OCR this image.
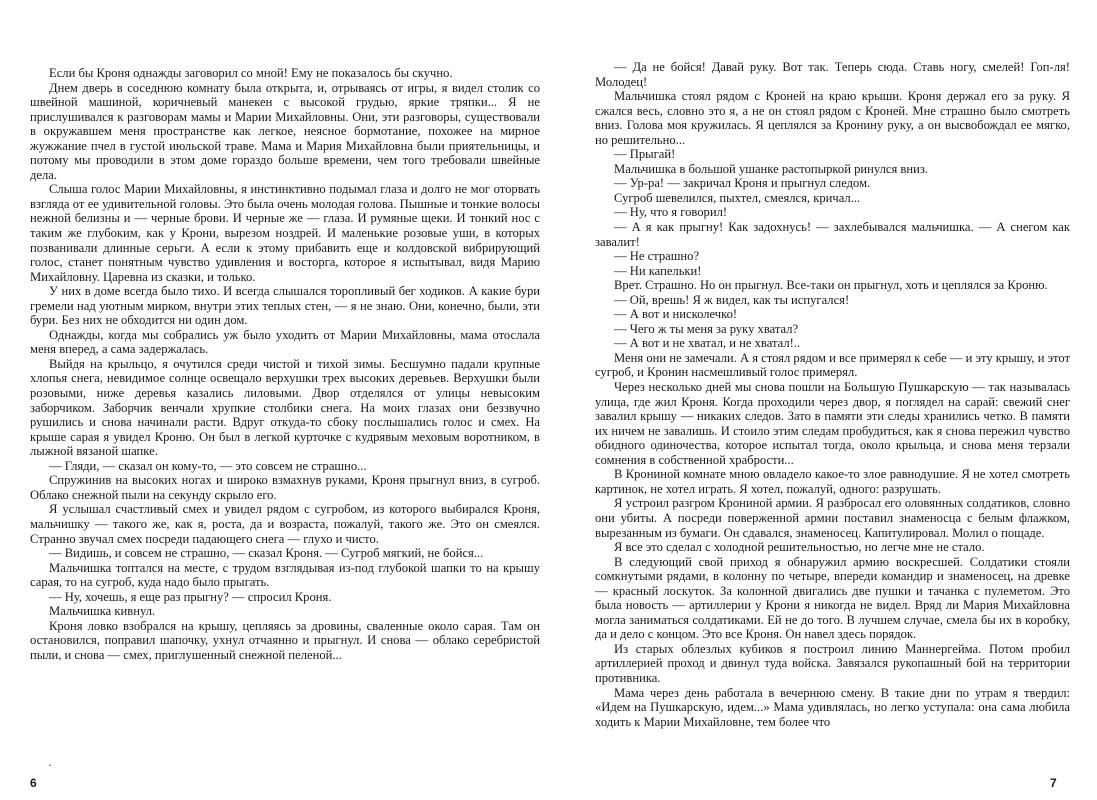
Если бы Кроня однажды заговорил со мной! Ему не показалось бы скучно.

Днем дверь в соседнюю комнату была открыта, и, отрываясь от игры, я видел столик со швейной машиной, коричневый манекен с высокой грудью, яркие тряпки... Я не прислушивался к разговорам мамы и Марии Михайловны. Они, эти разговоры, существовали в окружавшем меня пространстве как легкое, неясное бормотание, похожее на мирное жужжание пчел в густой июльской траве. Мама и Мария Михайловна были приятельницы, и потому мы проводили в этом доме гораздо больше времени, чем того требовали швейные дела.

Слыша голос Марии Михайловны, я инстинктивно подымал глаза и долго не мог оторвать взгляда от ее удивительной головы. Это была очень молодая голова. Пышные и тонкие волосы нежной белизны и — черные брови. И черные же — глаза. И румяные щеки. И тонкий нос с таким же глубоким, как у Крони, вырезом ноздрей. И маленькие розовые уши, в которых позванивали длинные серьги. А если к этому прибавить еще и колдовской вибрирующий голос, станет понятным чувство удивления и восторга, которое я испытывал, видя Марию Михайловну. Царевна из сказки, и только.

У них в доме всегда было тихо. И всегда слышался торопливый бег ходиков. А какие бури гремели над уютным мирком, внутри этих теплых стен, — я не знаю. Они, конечно, были, эти бури. Без них не обходится ни один дом.

Однажды, когда мы собрались уж было уходить от Марии Михайловны, мама отослала меня вперед, а сама задержалась.

Выйдя на крыльцо, я очутился среди чистой и тихой зимы. Бесшумно падали крупные хлопья снега, невидимое солнце освещало верхушки трех высоких деревьев. Верхушки были розовыми, ниже деревья казались лиловыми. Двор отделялся от улицы невысоким заборчиком. Заборчик венчали хрупкие столбики снега. На моих глазах они беззвучно рушились и снова начинали расти. Вдруг откуда-то сбоку послышались голос и смех. На крыше сарая я увидел Кроню. Он был в легкой курточке с кудрявым меховым воротником, в лыжной вязаной шапке.

— Гляди, — сказал он кому-то, — это совсем не страшно...

Спружинив на высоких ногах и широко взмахнув руками, Кроня прыгнул вниз, в сугроб. Облако снежной пыли на секунду скрыло его.

Я услышал счастливый смех и увидел рядом с сугробом, из которого выбирался Кроня, мальчишку — такого же, как я, роста, да и возраста, пожалуй, такого же. Это он смеялся. Странно звучал смех посреди падающего снега — глухо и чисто.

— Видишь, и совсем не страшно, — сказал Кроня. — Сугроб мягкий, не бойся...

Мальчишка топтался на месте, с трудом взглядывая из-под глубокой шапки то на крышу сарая, то на сугроб, куда надо было прыгать.

— Ну, хочешь, я еще раз прыгну? — спросил Кроня.

Мальчишка кивнул.

Кроня ловко взобрался на крышу, цепляясь за дровины, сваленные около сарая. Там он остановился, поправил шапочку, ухнул отчаянно и прыгнул. И снова — облако серебристой пыли, и снова — смех, приглушенный снежной пеленой...

·
6

— Да не бойся! Давай руку. Вот так. Теперь сюда. Ставь ногу, смелей! Гоп-ля! Молодец!

Мальчишка стоял рядом с Кроней на краю крыши. Кроня держал его за руку. Я сжался весь, словно это я, а не он стоял рядом с Кроней. Мне страшно было смотреть вниз. Голова моя кружилась. Я цеплялся за Кронину руку, а он высвобождал ее мягко, но решительно...

— Прыгай!

Мальчишка в большой ушанке растопыркой ринулся вниз.

— Ур-ра! — закричал Кроня и прыгнул следом.

Сугроб шевелился, пыхтел, смеялся, кричал...

— Ну, что я говорил!

— А я как прыгну! Как задохнусь! — захлебывался мальчишка. — А снегом как завалит!

— Не страшно?

— Ни капельки!

Врет. Страшно. Но он прыгнул. Все-таки он прыгнул, хоть и цеплялся за Кроню.

— Ой, врешь! Я ж видел, как ты испугался!

— А вот и нисколечко!

— Чего ж ты меня за руку хватал?

— А вот и не хватал, и не хватал!..

Меня они не замечали. А я стоял рядом и все примерял к себе — и эту крышу, и этот сугроб, и Кронин насмешливый голос примерял.

Через несколько дней мы снова пошли на Большую Пушкарскую — так называлась улица, где жил Кроня. Когда проходили через двор, я поглядел на сарай: свежий снег завалил крышу — никаких следов. Зато в памяти эти следы хранились четко. В памяти их ничем не завалишь. И стоило этим следам пробудиться, как я снова пережил чувство обидного одиночества, которое испытал тогда, около крыльца, и снова меня терзали сомнения в собственной храбрости...

В Крониной комнате мною овладело какое-то злое равнодушие. Я не хотел смотреть картинок, не хотел играть. Я хотел, пожалуй, одного: разрушать.

Я устроил разгром Крониной армии. Я разбросал его оловянных солдатиков, словно они убиты. А посреди поверженной армии поставил знаменосца с белым флажком, вырезанным из бумаги. Он сдавался, знаменосец. Капитулировал. Молил о пощаде.

Я все это сделал с холодной решительностью, но легче мне не стало.

В следующий свой приход я обнаружил армию воскресшей. Солдатики стояли сомкнутыми рядами, в колонну по четыре, впереди командир и знаменосец, на древке — красный лоскуток. За колонной двигались две пушки и тачанка с пулеметом. Это была новость — артиллерии у Крони я никогда не видел. Вряд ли Мария Михайловна могла заниматься солдатиками. Ей не до того. В лучшем случае, смела бы их в коробку, да и дело с концом. Это все Кроня. Он навел здесь порядок.

Из старых облезлых кубиков я построил линию Маннергейма. Потом пробил артиллерией проход и двинул туда войска. Завязался рукопашный бой на территории противника.

Мама через день работала в вечернюю смену. В такие дни по утрам я твердил: «Идем на Пушкарскую, идем...» Мама удивлялась, но легко уступала: она сама любила ходить к Марии Михайловне, тем более что

7
